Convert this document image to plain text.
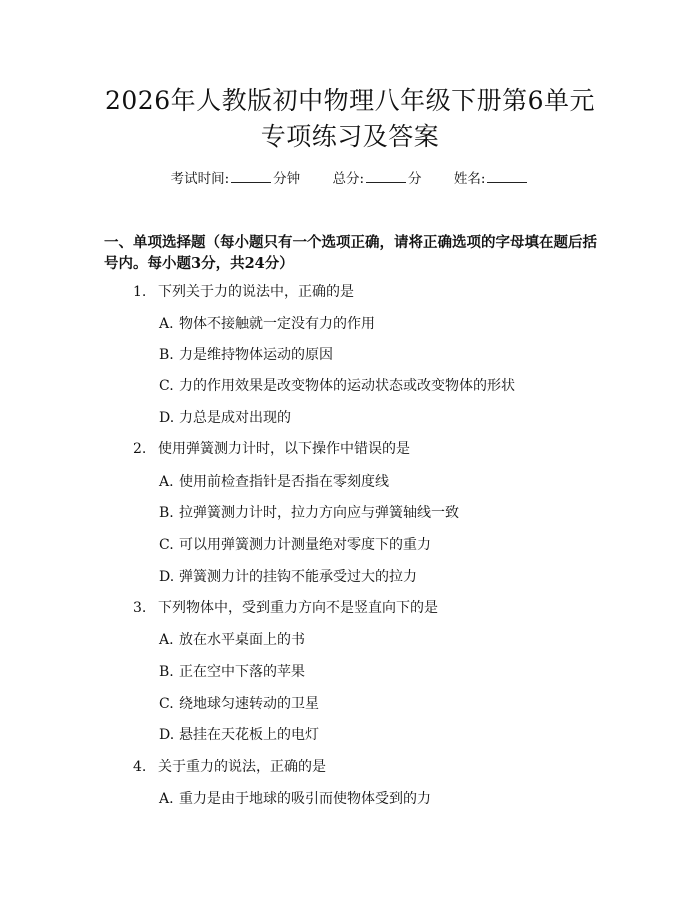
2026年人教版初中物理八年级下册第6单元
专项练习及答案
考试时间:	分钟 总分:	分 姓名:

一、单项选择题（每小题只有一个选项正确，请将正确选项的字母填在题后括号内。每小题3分，共24分）

1. 下列关于力的说法中，正确的是
A. 物体不接触就一定没有力的作用
B. 力是维持物体运动的原因
C. 力的作用效果是改变物体的运动状态或改变物体的形状
D. 力总是成对出现的
2. 使用弹簧测力计时，以下操作中错误的是
A. 使用前检查指针是否指在零刻度线
B. 拉弹簧测力计时，拉力方向应与弹簧轴线一致
C. 可以用弹簧测力计测量绝对零度下的重力
D. 弹簧测力计的挂钩不能承受过大的拉力
3. 下列物体中，受到重力方向不是竖直向下的是
A. 放在水平桌面上的书
B. 正在空中下落的苹果
C. 绕地球匀速转动的卫星
D. 悬挂在天花板上的电灯
4. 关于重力的说法，正确的是
A. 重力是由于地球的吸引而使物体受到的力
